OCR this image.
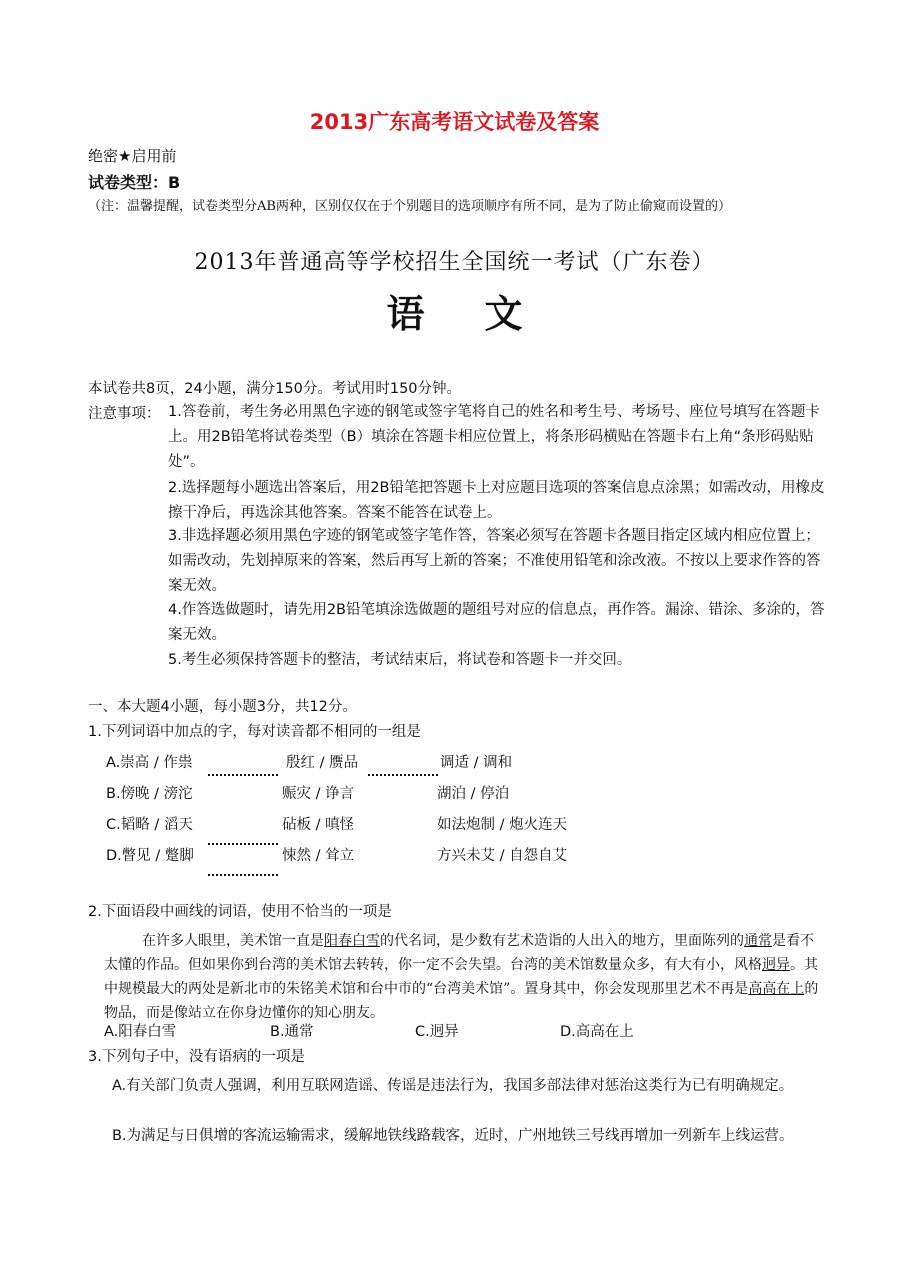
2013广东高考语文试卷及答案
绝密★启用前
试卷类型：B
（注：温馨提醒，试卷类型分AB两种，区别仅仅在于个别题目的选项顺序有所不同，是为了防止偷窥而设置的）
2013年普通高等学校招生全国统一考试（广东卷）
语文
本试卷共8页，24小题，满分150分。考试用时150分钟。
注意事项： 1.答卷前，考生务必用黑色字迹的钢笔或签字笔将自己的姓名和考生号、考场号、座位号填写在答题卡上。用2B铅笔将试卷类型（B）填涂在答题卡相应位置上，将条形码横贴在答题卡右上角“条形码贴贴处”。
2.选择题每小题选出答案后，用2B铅笔把答题卡上对应题目选项的答案信息点涂黑；如需改动，用橡皮擦干净后，再选涂其他答案。答案不能答在试卷上。
3.非选择题必须用黑色字迹的钢笔或签字笔作答，答案必须写在答题卡各题目指定区域内相应位置上；如需改动，先划掉原来的答案，然后再写上新的答案；不准使用铅笔和涂改液。不按以上要求作答的答案无效。
4.作答选做题时，请先用2B铅笔填涂选做题的题组号对应的信息点，再作答。漏涂、错涂、多涂的，答案无效。
5.考生必须保持答题卡的整洁，考试结束后，将试卷和答题卡一并交回。
一、本大题4小题，每小题3分，共12分。
1.下列词语中加点的字，每对读音都不相同的一组是
A.崇高 / 作祟	殷红 / 赝品	调适 / 调和
B.傍晚 / 滂沱	赈灾 / 诤言	湖泊 / 停泊
C.韬略 / 滔天	砧板 / 嗔怪	如法炮制 / 炮火连天
D.瞥见 / 蹩脚	悚然 / 耸立	方兴未艾 / 自怨自艾
2.下面语段中画线的词语，使用不恰当的一项是
在许多人眼里，美术馆一直是阳春白雪的代名词，是少数有艺术造诣的人出入的地方，里面陈列的通常是看不太懂的作品。但如果你到台湾的美术馆去转转，你一定不会失望。台湾的美术馆数量众多，有大有小，风格迥异。其中规模最大的两处是新北市的朱铭美术馆和台中市的“台湾美术馆”。置身其中，你会发现那里艺术不再是高高在上的物品，而是像站立在你身边懂你的知心朋友。
A.阳春白雪	B.通常	C.迥异	D.高高在上
3.下列句子中，没有语病的一项是
A.有关部门负责人强调，利用互联网造谣、传谣是违法行为，我国多部法律对惩治这类行为已有明确规定。
B.为满足与日俱增的客流运输需求，缓解地铁线路载客，近时，广州地铁三号线再增加一列新车上线运营。
